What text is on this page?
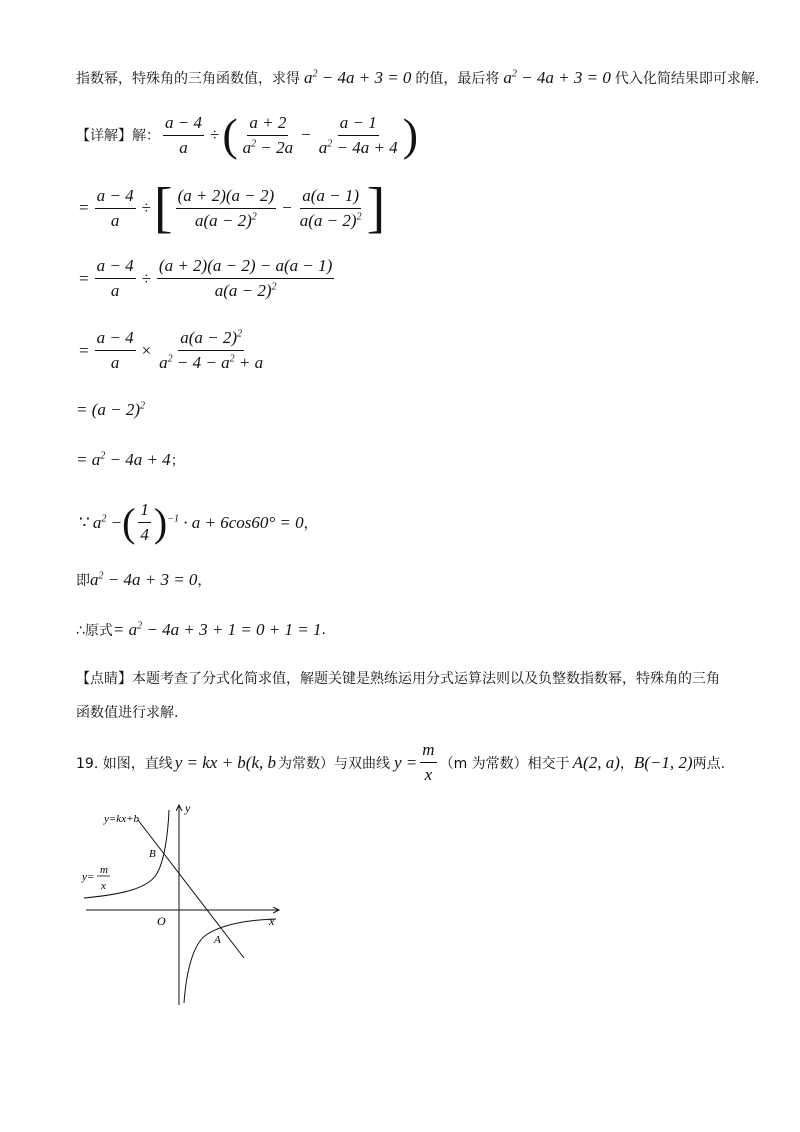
指数幂，特殊角的三角函数值，求得 $a^2 - 4a + 3 = 0$ 的值，最后将 $a^2 - 4a + 3 = 0$ 代入化简结果即可求解.
【详解】解： $\frac{a - 4}{a}$ ÷ ( $\frac{a + 2}{a^2 - 2a} - \frac{a - 1}{a^2 - 4a + 4}$ )
= $\frac{a - 4}{a}$ ÷ [ $\frac{(a + 2)(a - 2)}{a(a - 2)^2} - \frac{a(a - 1)}{a(a - 2)^2}$ ]
= $\frac{a - 4}{a} \div \frac{(a + 2)(a - 2) - a(a - 1)}{a(a - 2)^2}$
= $\frac{a - 4}{a} \times \frac{a(a - 2)^2}{a^2 - 4 - a^2 + a}$
= $(a - 2)^2$
= $a^2 - 4a + 4$ ；
∵ $a^2$ − ( $\frac{1}{4}$ ) $^{-1}$ · a + 6cos60° = 0 ，
即 $a^2 - 4a + 3 = 0$ ，
∴原式 = $a^2 - 4a + 3 + 1 = 0 + 1 = 1$ .
【点睛】本题考查了分式化简求值，解题关键是熟练运用分式运算法则以及负整数指数幂，特殊角的三角
函数值进行求解.
19. 如图，直线 y = kx + b(k, b 为常数）与双曲线 $y = \frac{m}{x} (m$ 为常数）相交于 A(2, a) ， B(−1, 2) 两点.
y=kx+b
y=
m
x
y
x
O
A
B
